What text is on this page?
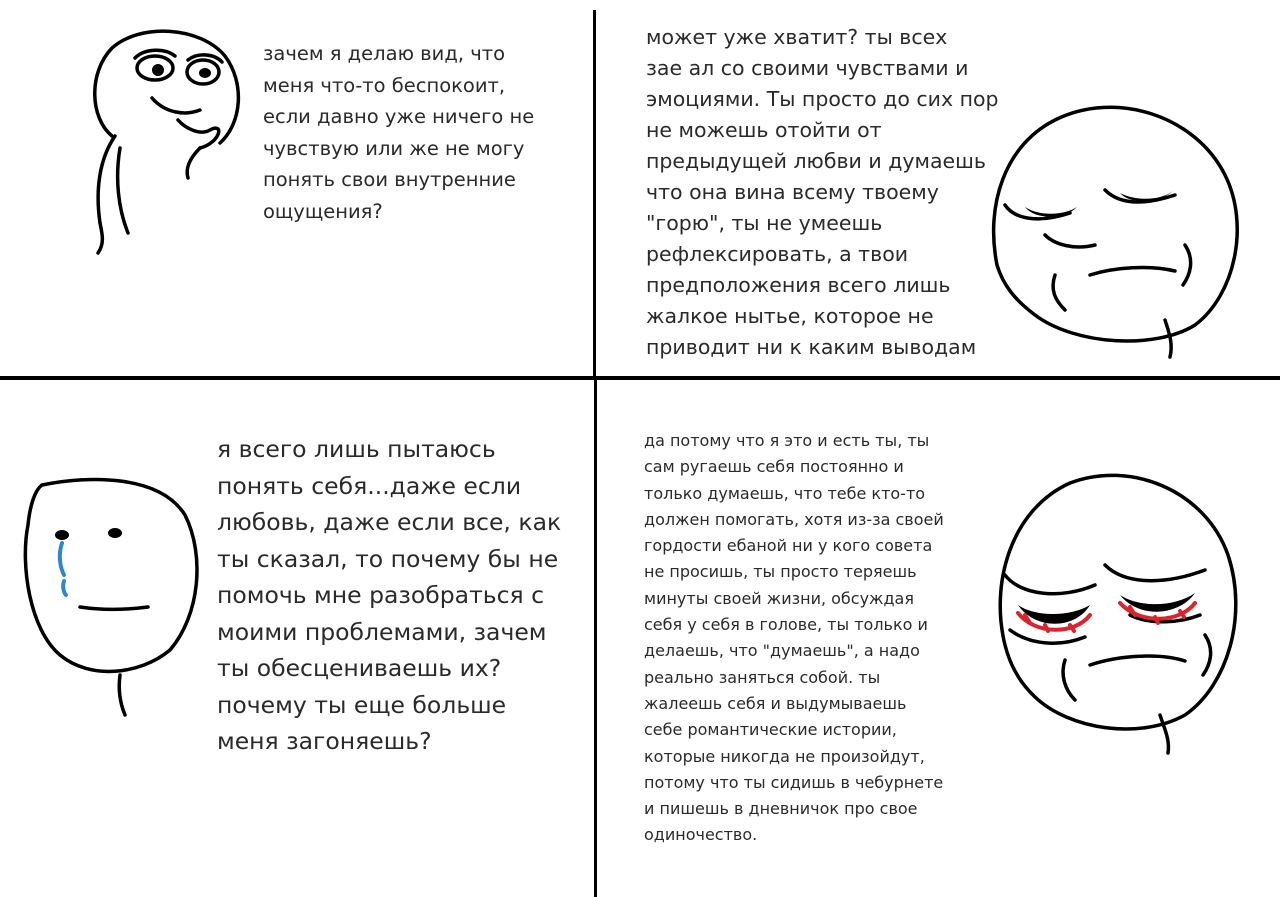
зачем я делаю вид, что
меня что-то беспокоит,
если давно уже ничего не
чувствую или же не могу
понять свои внутренние
ощущения?

может уже хватит? ты всех
зае ал со своими чувствами и
эмоциями. Ты просто до сих пор
не можешь отойти от
предыдущей любви и думаешь
что она вина всему твоему
"горю", ты не умеешь
рефлексировать, а твои
предположения всего лишь
жалкое нытье, которое не
приводит ни к каким выводам

я всего лишь пытаюсь
понять себя...даже если
любовь, даже если все, как
ты сказал, то почему бы не
помочь мне разобраться с
моими проблемами, зачем
ты обесцениваешь их?
почему ты еще больше
меня загоняешь?

да потому что я это и есть ты, ты
сам ругаешь себя постоянно и
только думаешь, что тебе кто-то
должен помогать, хотя из-за своей
гордости ебаной ни у кого совета
не просишь, ты просто теряешь
минуты своей жизни, обсуждая
себя у себя в голове, ты только и
делаешь, что "думаешь", а надо
реально заняться собой. ты
жалеешь себя и выдумываешь
себе романтические истории,
которые никогда не произойдут,
потому что ты сидишь в чебурнете
и пишешь в дневничок про свое
одиночество.
